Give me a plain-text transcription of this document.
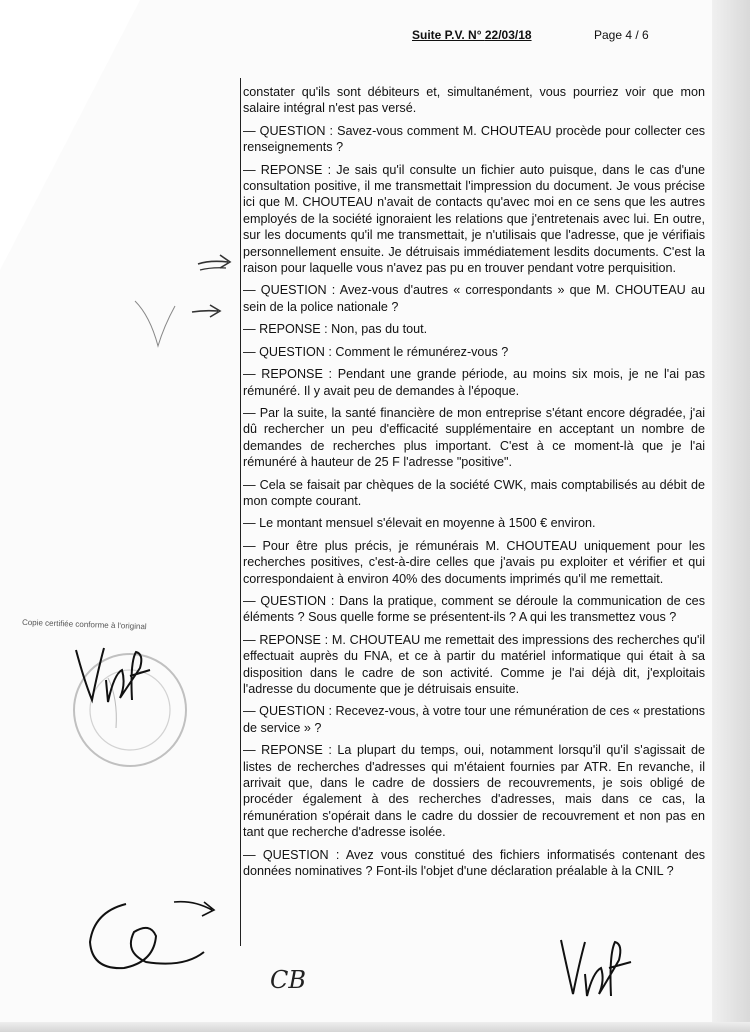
Suite P.V. N° 22/03/18	Page 4 / 6

constater qu'ils sont débiteurs et, simultanément, vous pourriez voir que mon salaire intégral n'est pas versé.

— QUESTION : Savez-vous comment M. CHOUTEAU procède pour collecter ces renseignements ?

— REPONSE : Je sais qu'il consulte un fichier auto puisque, dans le cas d'une consultation positive, il me transmettait l'impression du document. Je vous précise ici que M. CHOUTEAU n'avait de contacts qu'avec moi en ce sens que les autres employés de la société ignoraient les relations que j'entretenais avec lui. En outre, sur les documents qu'il me transmettait, je n'utilisais que l'adresse, que je vérifiais personnellement ensuite. Je détruisais immédiatement lesdits documents. C'est la raison pour laquelle vous n'avez pas pu en trouver pendant votre perquisition.

— QUESTION : Avez-vous d'autres « correspondants » que M. CHOUTEAU au sein de la police nationale ?

— REPONSE : Non, pas du tout.

— QUESTION : Comment le rémunérez-vous ?

— REPONSE : Pendant une grande période, au moins six mois, je ne l'ai pas rémunéré. Il y avait peu de demandes à l'époque.

— Par la suite, la santé financière de mon entreprise s'étant encore dégradée, j'ai dû rechercher un peu d'efficacité supplémentaire en acceptant un nombre de demandes de recherches plus important. C'est à ce moment-là que je l'ai rémunéré à hauteur de 25 F l'adresse "positive".

— Cela se faisait par chèques de la société CWK, mais comptabilisés au débit de mon compte courant.

— Le montant mensuel s'élevait en moyenne à 1500 € environ.

— Pour être plus précis, je rémunérais M. CHOUTEAU uniquement pour les recherches positives, c'est-à-dire celles que j'avais pu exploiter et vérifier et qui correspondaient à environ 40% des documents imprimés qu'il me remettait.

— QUESTION : Dans la pratique, comment se déroule la communication de ces éléments ? Sous quelle forme se présentent-ils ? A qui les transmettez vous ?

— REPONSE : M. CHOUTEAU me remettait des impressions des recherches qu'il effectuait auprès du FNA, et ce à partir du matériel informatique qui était à sa disposition dans le cadre de son activité. Comme je l'ai déjà dit, j'exploitais l'adresse du documente que je détruisais ensuite.

— QUESTION : Recevez-vous, à votre tour une rémunération de ces « prestations de service » ?

— REPONSE : La plupart du temps, oui, notamment lorsqu'il qu'il s'agissait de listes de recherches d'adresses qui m'étaient fournies par ATR. En revanche, il arrivait que, dans le cadre de dossiers de recouvrements, je sois obligé de procéder également à des recherches d'adresses, mais dans ce cas, la rémunération s'opérait dans le cadre du dossier de recouvrement et non pas en tant que recherche d'adresse isolée.

— QUESTION : Avez vous constitué des fichiers informatisés contenant des données nominatives ? Font-ils l'objet d'une déclaration préalable à la CNIL ?

Copie certifiée conforme à l'original
CB
